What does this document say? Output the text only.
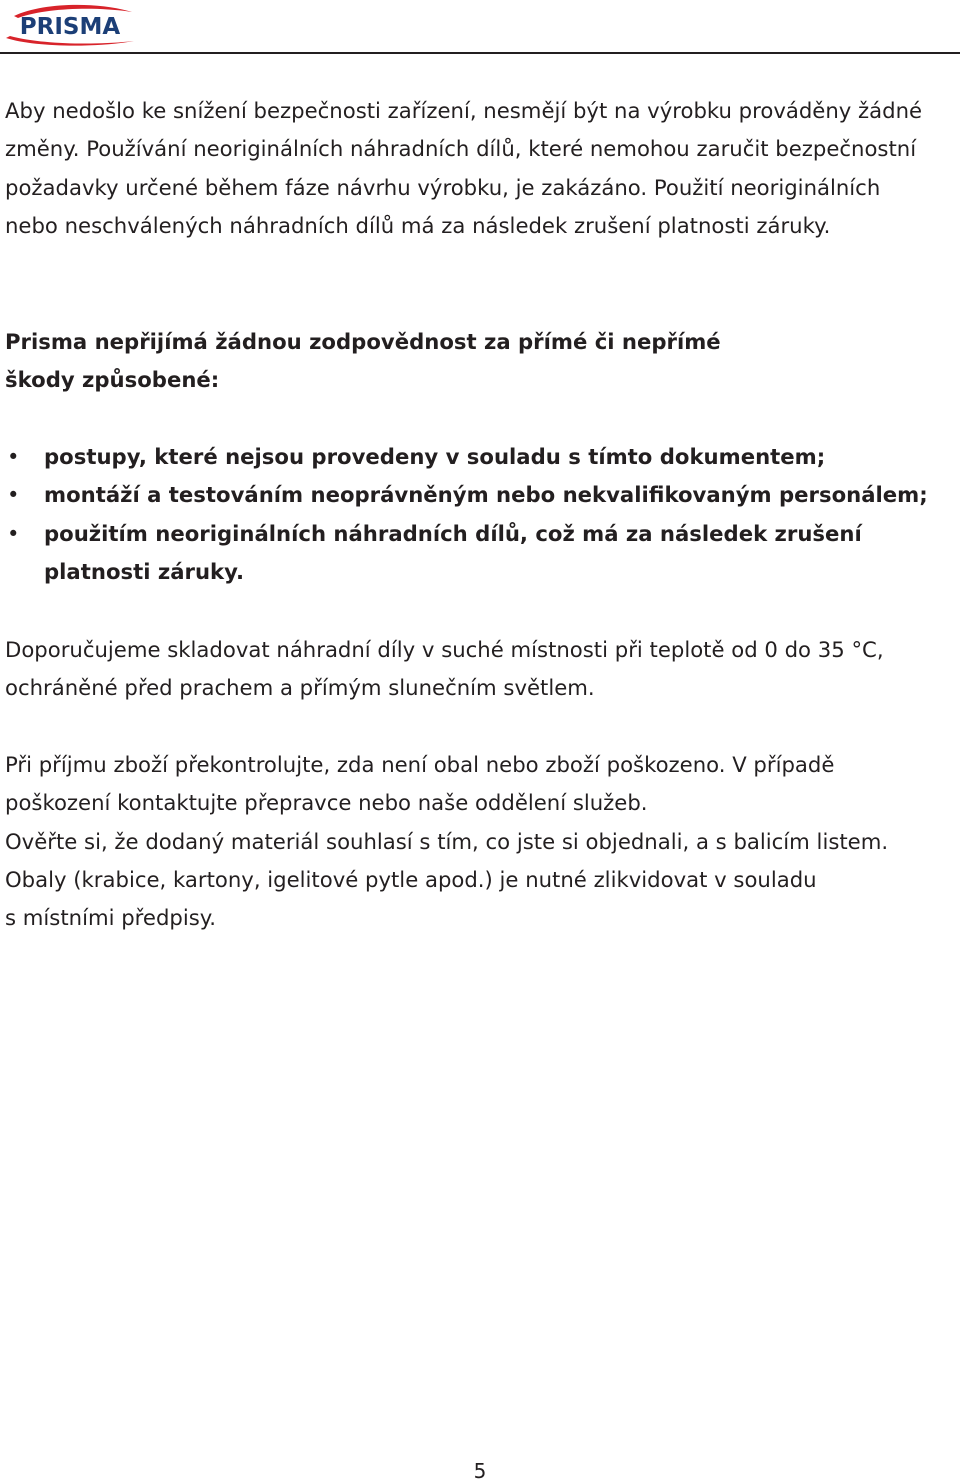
PRISMA
Aby nedošlo ke snížení bezpečnosti zařízení, nesmějí být na výrobku prováděny žádné
změny. Používání neoriginálních náhradních dílů, které nemohou zaručit bezpečnostní
požadavky určené během fáze návrhu výrobku, je zakázáno. Použití neoriginálních
nebo neschválených náhradních dílů má za následek zrušení platnosti záruky.
Prisma nepřijímá žádnou zodpovědnost za přímé či nepřímé
škody způsobené:
• postupy, které nejsou provedeny v souladu s tímto dokumentem;
• montáží a testováním neoprávněným nebo nekvalifikovaným personálem;
• použitím neoriginálních náhradních dílů, což má za následek zrušení
platnosti záruky.
Doporučujeme skladovat náhradní díly v suché místnosti při teplotě od 0 do 35 °C,
ochráněné před prachem a přímým slunečním světlem.
Při příjmu zboží překontrolujte, zda není obal nebo zboží poškozeno. V případě
poškození kontaktujte přepravce nebo naše oddělení služeb.
Ověřte si, že dodaný materiál souhlasí s tím, co jste si objednali, a s balicím listem.
Obaly (krabice, kartony, igelitové pytle apod.) je nutné zlikvidovat v souladu
s místními předpisy.
5
